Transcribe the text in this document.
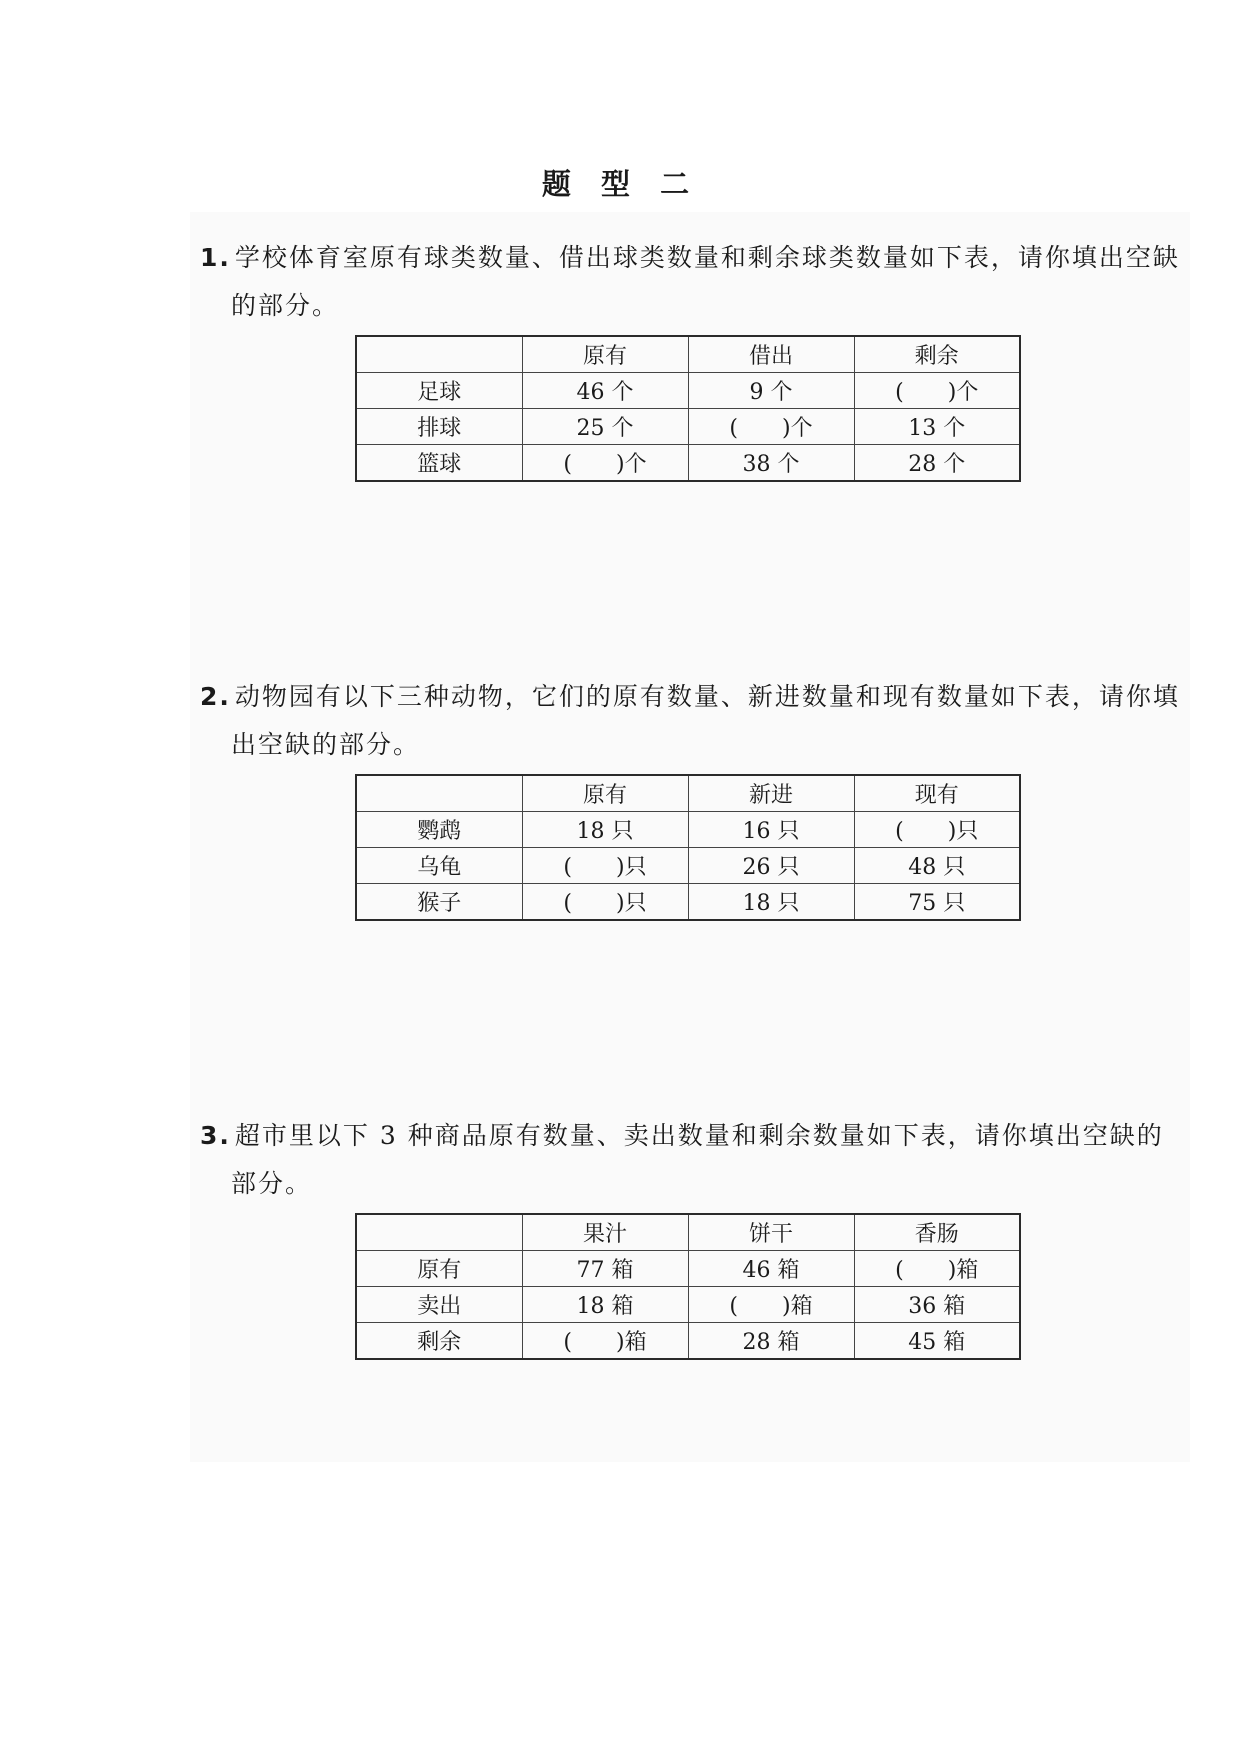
题 型 二
1. 学校体育室原有球类数量、借出球类数量和剩余球类数量如下表，请你填出空缺
的部分。
	原有	借出	剩余
足球	46 个	9 个	(　　)个
排球	25 个	(　　)个	13 个
篮球	(　　)个	38 个	28 个
2. 动物园有以下三种动物，它们的原有数量、新进数量和现有数量如下表，请你填
出空缺的部分。
	原有	新进	现有
鹦鹉	18 只	16 只	(　　)只
乌龟	(　　)只	26 只	48 只
猴子	(　　)只	18 只	75 只
3. 超市里以下 3 种商品原有数量、卖出数量和剩余数量如下表，请你填出空缺的
部分。
	果汁	饼干	香肠
原有	77 箱	46 箱	(　　)箱
卖出	18 箱	(　　)箱	36 箱
剩余	(　　)箱	28 箱	45 箱
